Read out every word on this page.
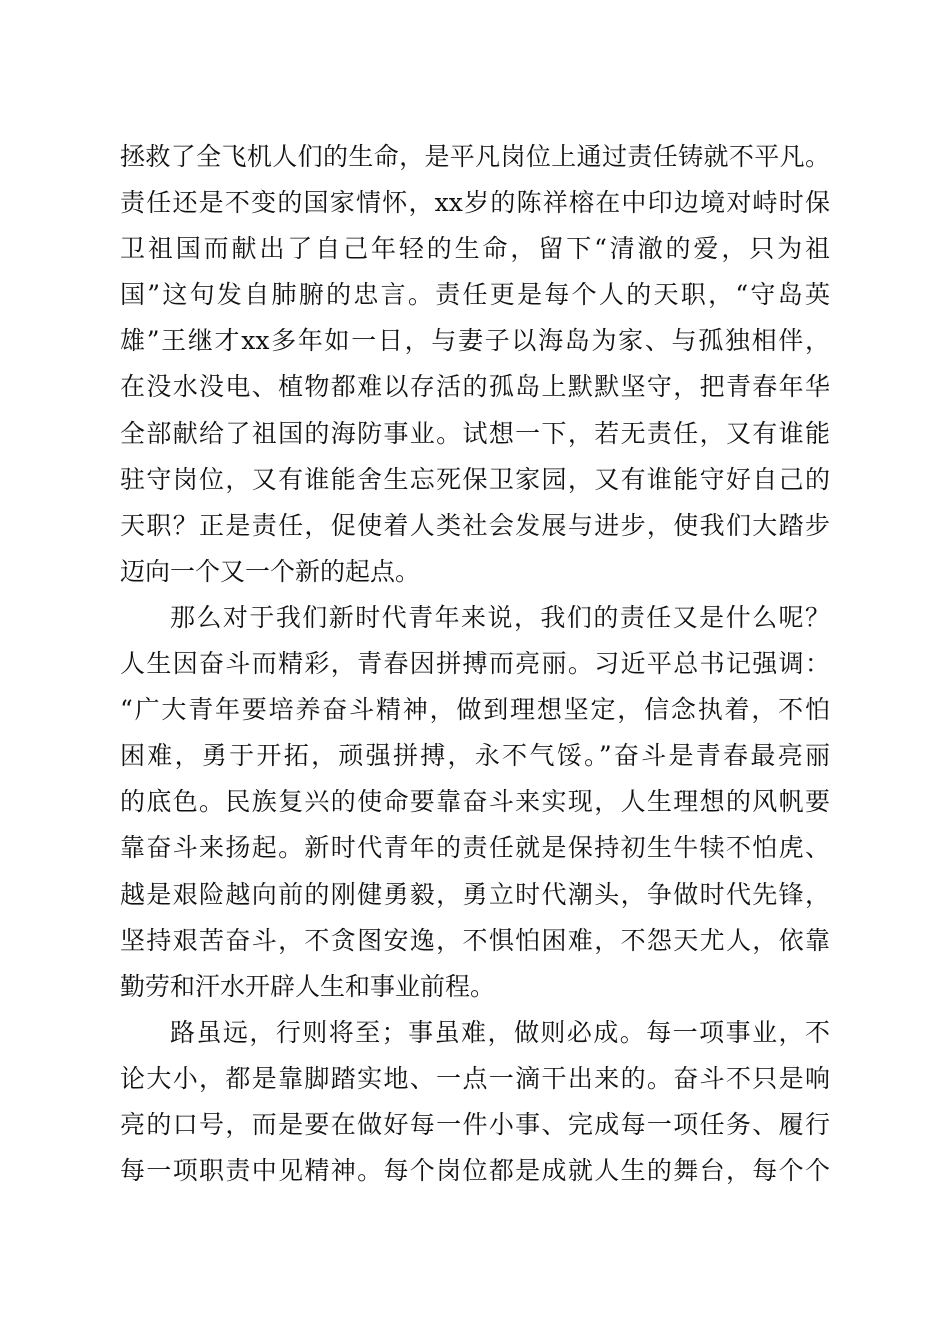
拯救了全飞机人们的生命，是平凡岗位上通过责任铸就不平凡。
责任还是不变的国家情怀，xx岁的陈祥榕在中印边境对峙时保
卫祖国而献出了自己年轻的生命，留下“清澈的爱，只为祖
国”这句发自肺腑的忠言。责任更是每个人的天职，“守岛英
雄”王继才xx多年如一日，与妻子以海岛为家、与孤独相伴，
在没水没电、植物都难以存活的孤岛上默默坚守，把青春年华
全部献给了祖国的海防事业。试想一下，若无责任，又有谁能
驻守岗位，又有谁能舍生忘死保卫家园，又有谁能守好自己的
天职？正是责任，促使着人类社会发展与进步，使我们大踏步
迈向一个又一个新的起点。
那么对于我们新时代青年来说，我们的责任又是什么呢？
人生因奋斗而精彩，青春因拼搏而亮丽。习近平总书记强调：
“广大青年要培养奋斗精神，做到理想坚定，信念执着，不怕
困难，勇于开拓，顽强拼搏，永不气馁。”奋斗是青春最亮丽
的底色。民族复兴的使命要靠奋斗来实现，人生理想的风帆要
靠奋斗来扬起。新时代青年的责任就是保持初生牛犊不怕虎、
越是艰险越向前的刚健勇毅，勇立时代潮头，争做时代先锋，
坚持艰苦奋斗，不贪图安逸，不惧怕困难，不怨天尤人，依靠
勤劳和汗水开辟人生和事业前程。
路虽远，行则将至；事虽难，做则必成。每一项事业，不
论大小，都是靠脚踏实地、一点一滴干出来的。奋斗不只是响
亮的口号，而是要在做好每一件小事、完成每一项任务、履行
每一项职责中见精神。每个岗位都是成就人生的舞台，每个个
